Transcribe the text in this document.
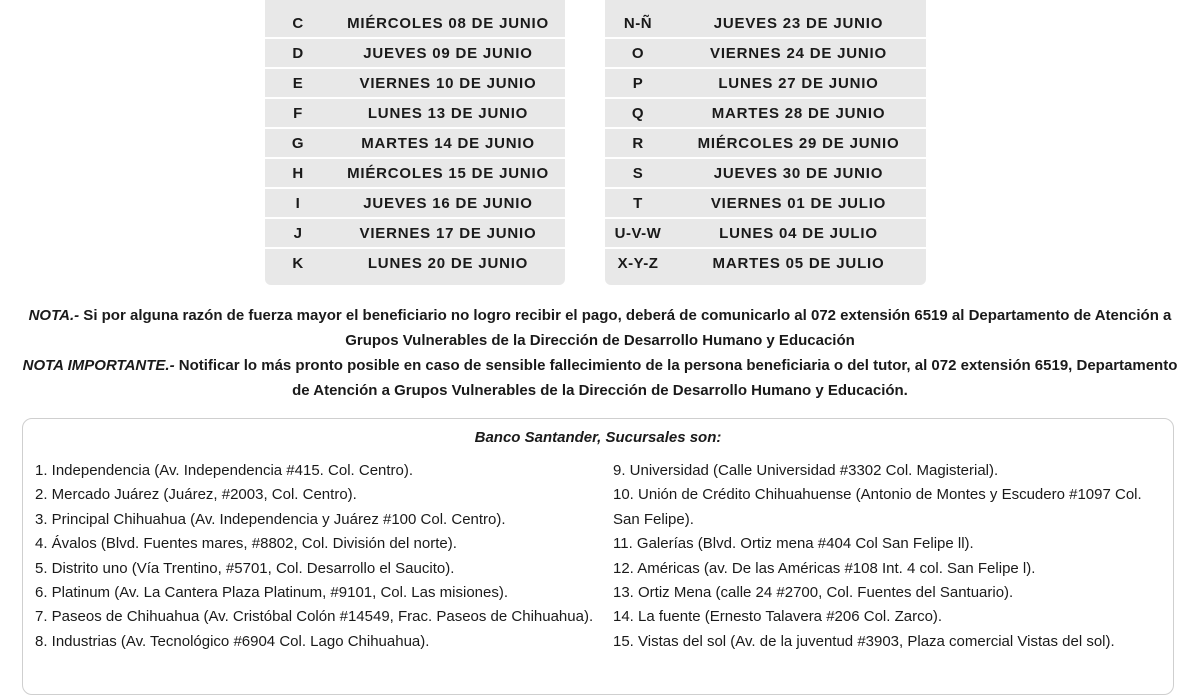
C	MIÉRCOLES 08 DE JUNIO
D	JUEVES 09 DE JUNIO
E	VIERNES 10 DE JUNIO
F	LUNES 13 DE JUNIO
G	MARTES 14 DE JUNIO
H	MIÉRCOLES 15 DE JUNIO
I	JUEVES 16 DE JUNIO
J	VIERNES 17 DE JUNIO
K	LUNES 20 DE JUNIO
N-Ñ	JUEVES 23 DE JUNIO
O	VIERNES 24 DE JUNIO
P	LUNES 27 DE JUNIO
Q	MARTES 28 DE JUNIO
R	MIÉRCOLES 29 DE JUNIO
S	JUEVES 30 DE JUNIO
T	VIERNES 01 DE JULIO
U-V-W	LUNES 04 DE JULIO
X-Y-Z	MARTES 05 DE JULIO

NOTA.- Si por alguna razón de fuerza mayor el beneficiario no logro recibir el pago, deberá de comunicarlo al 072 extensión 6519 al Departamento de Atención a Grupos Vulnerables de la Dirección de Desarrollo Humano y Educación

NOTA IMPORTANTE.- Notificar lo más pronto posible en caso de sensible fallecimiento de la persona beneficiaria o del tutor, al 072 extensión 6519, Departamento de Atención a Grupos Vulnerables de la Dirección de Desarrollo Humano y Educación.

Banco Santander, Sucursales son:

1. Independencia (Av. Independencia #415. Col. Centro).

2. Mercado Juárez (Juárez, #2003, Col. Centro).

3. Principal Chihuahua (Av. Independencia y Juárez #100 Col. Centro).

4. Ávalos (Blvd. Fuentes mares, #8802, Col. División del norte).

5. Distrito uno (Vía Trentino, #5701, Col. Desarrollo el Saucito).

6. Platinum (Av. La Cantera Plaza Platinum, #9101, Col. Las misiones).

7. Paseos de Chihuahua (Av. Cristóbal Colón #14549, Frac. Paseos de Chihuahua).

8. Industrias (Av. Tecnológico #6904 Col. Lago Chihuahua).

9. Universidad (Calle Universidad #3302 Col. Magisterial).

10. Unión de Crédito Chihuahuense (Antonio de Montes y Escudero #1097 Col. San Felipe).

11. Galerías (Blvd. Ortiz mena #404 Col San Felipe ll).

12. Américas (av. De las Américas #108 Int. 4 col. San Felipe l).

13. Ortiz Mena (calle 24 #2700, Col. Fuentes del Santuario).

14. La fuente (Ernesto Talavera #206 Col. Zarco).

15. Vistas del sol (Av. de la juventud #3903, Plaza comercial Vistas del sol).
